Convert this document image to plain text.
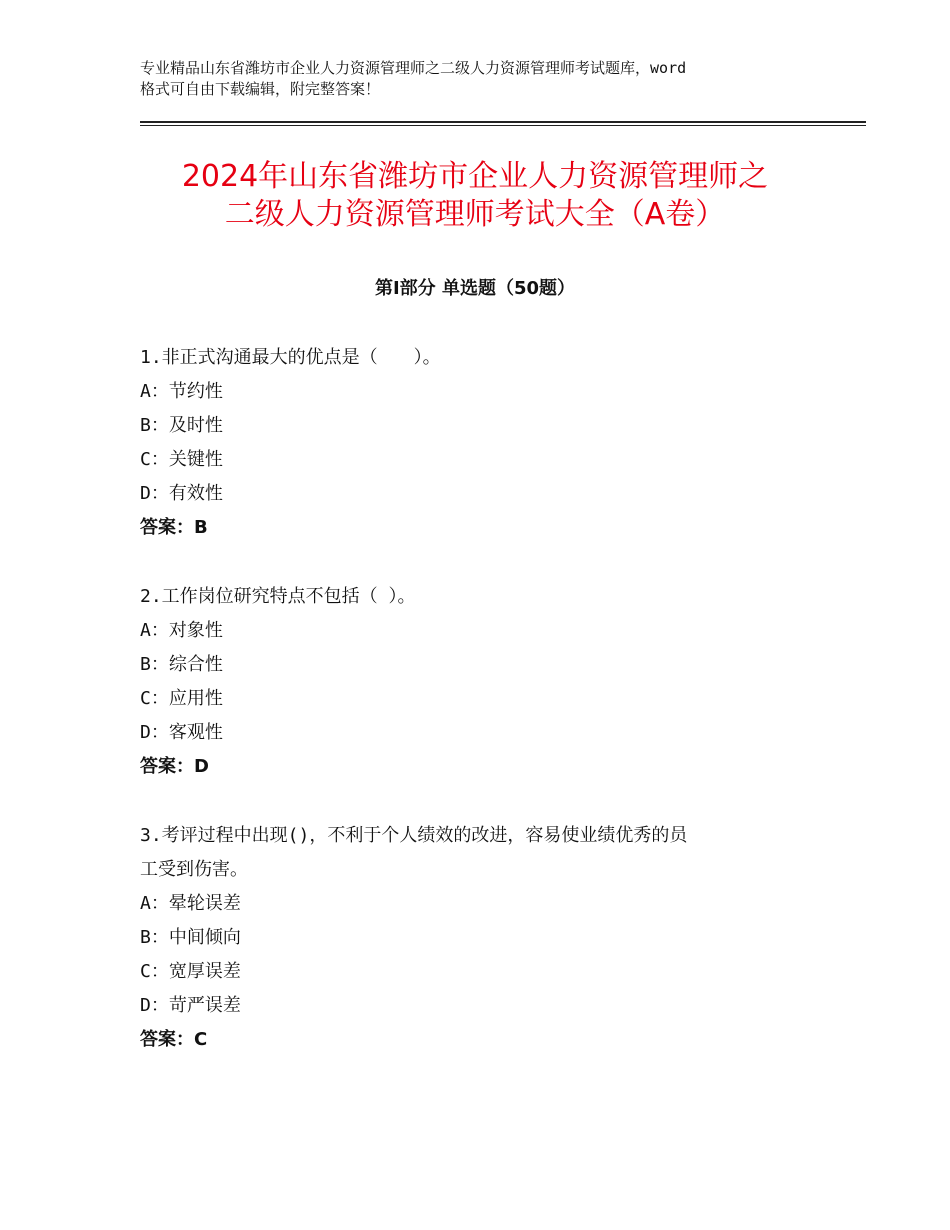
专业精品山东省潍坊市企业人力资源管理师之二级人力资源管理师考试题库，word
格式可自由下载编辑，附完整答案！
2024年山东省潍坊市企业人力资源管理师之
二级人力资源管理师考试大全（A卷）
第Ⅰ部分 单选题（50题）
1.非正式沟通最大的优点是（　　）。
A：节约性
B：及时性
C：关键性
D：有效性
答案：B
2.工作岗位研究特点不包括（ ）。
A：对象性
B：综合性
C：应用性
D：客观性
答案：D
3.考评过程中出现()，不利于个人绩效的改进，容易使业绩优秀的员
工受到伤害。
A：晕轮误差
B：中间倾向
C：宽厚误差
D：苛严误差
答案：C
